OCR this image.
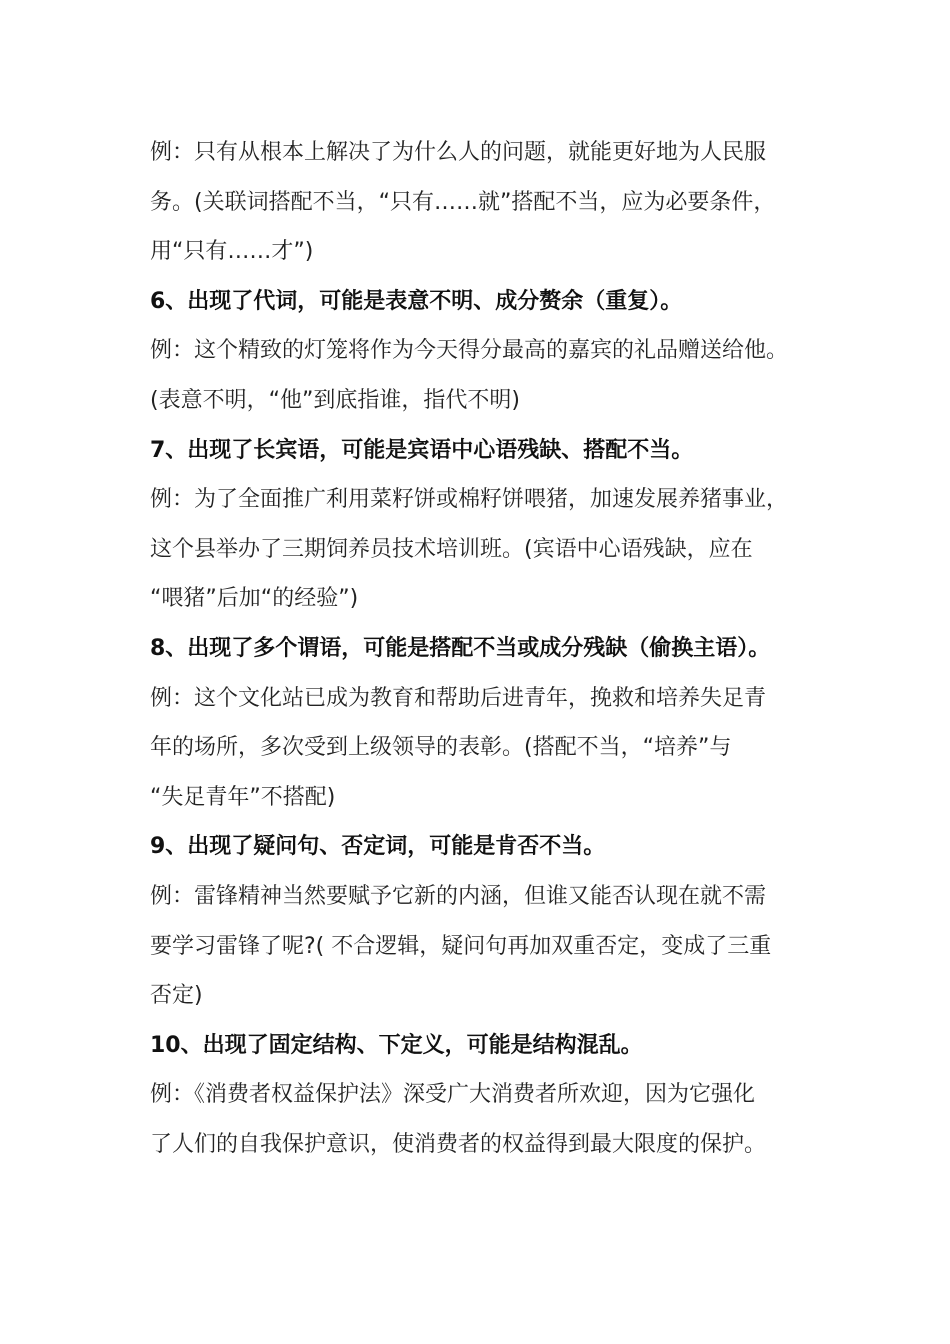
例：只有从根本上解决了为什么人的问题，就能更好地为人民服
务。(关联词搭配不当，“只有……就”搭配不当，应为必要条件，
用“只有……才”)
6、出现了代词，可能是表意不明、成分赘余（重复）。
例：这个精致的灯笼将作为今天得分最高的嘉宾的礼品赠送给他。
(表意不明，“他”到底指谁，指代不明)
7、出现了长宾语，可能是宾语中心语残缺、搭配不当。
例：为了全面推广利用菜籽饼或棉籽饼喂猪，加速发展养猪事业，
这个县举办了三期饲养员技术培训班。(宾语中心语残缺，应在
“喂猪”后加“的经验”)
8、出现了多个谓语，可能是搭配不当或成分残缺（偷换主语）。
例：这个文化站已成为教育和帮助后进青年，挽救和培养失足青
年的场所，多次受到上级领导的表彰。(搭配不当，“培养”与
“失足青年”不搭配)
9、出现了疑问句、否定词，可能是肯否不当。
例：雷锋精神当然要赋予它新的内涵，但谁又能否认现在就不需
要学习雷锋了呢?( 不合逻辑，疑问句再加双重否定，变成了三重
否定)
10、出现了固定结构、下定义，可能是结构混乱。
例：《消费者权益保护法》深受广大消费者所欢迎，因为它强化
了人们的自我保护意识，使消费者的权益得到最大限度的保护。
